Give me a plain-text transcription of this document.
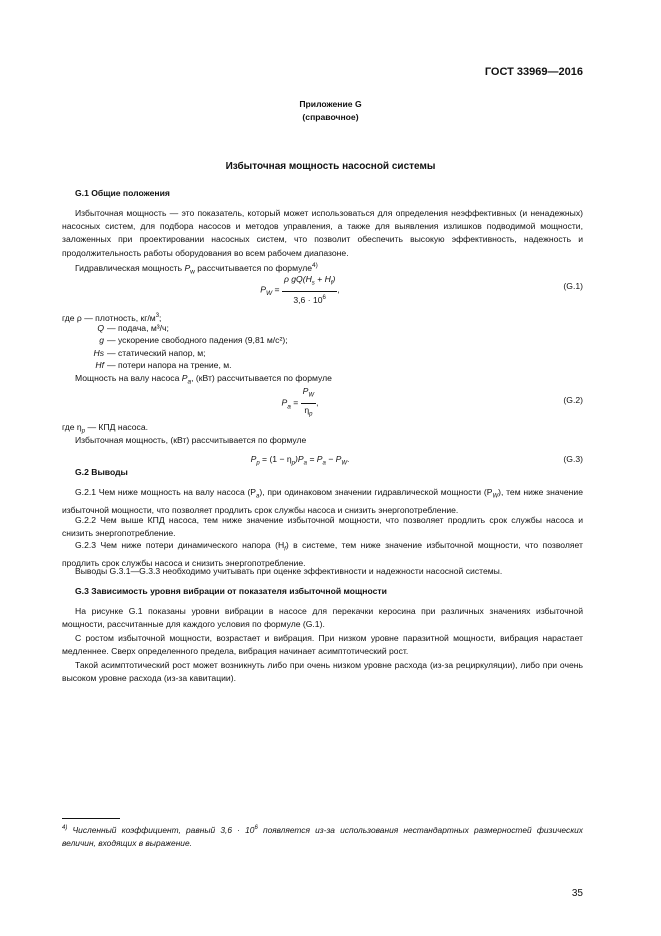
ГОСТ 33969—2016
Приложение G
(справочное)
Избыточная мощность насосной системы
G.1 Общие положения
Избыточная мощность — это показатель, который может использоваться для определения неэффективных (и ненадежных) насосных систем, для подбора насосов и методов управления, а также для выявления излишков подводимой мощности, заложенных при проектировании насосных систем, что позволит обеспечить высокую эффективность, надежность и продолжительность работы оборудования во всем рабочем диапазоне.
Гидравлическая мощность $P_w$ рассчитывается по формуле$^{4)}$
$P_W = \frac{\rho gQ(H_s + H_f)}{3,6 \cdot 10^6}$ ,	(G.1)
где ρ — плотность, $кг/м^3$;
Q — подача, м³/ч;
g — ускорение свободного падения (9,81 м/с²);
Hs — статический напор, м;
Hf — потери напора на трение, м.
Мощность на валу насоса $P_a$, (кВт) рассчитывается по формуле
$P_a = \frac{P_W}{\eta_p}$ ,	(G.2)
где $\eta_p$ — КПД насоса.
Избыточная мощность, (кВт) рассчитывается по формуле
$P_p = (1 - \eta_p)P_a = P_a - P_W$.	(G.3)
G.2 Выводы
G.2.1 Чем ниже мощность на валу насоса $(P_a)$, при одинаковом значении гидравлической мощности $(P_W)$, тем ниже значение избыточной мощности, что позволяет продлить срок службы насоса и снизить энергопотребление.
G.2.2 Чем выше КПД насоса, тем ниже значение избыточной мощности, что позволяет продлить срок службы насоса и снизить энергопотребление.
G.2.3 Чем ниже потери динамического напора $(H_f)$ в системе, тем ниже значение избыточной мощности, что позволяет продлить срок службы насоса и снизить энергопотребление.
Выводы G.3.1—G.3.3 необходимо учитывать при оценке эффективности и надежности насосной системы.
G.3 Зависимость уровня вибрации от показателя избыточной мощности
На рисунке G.1 показаны уровни вибрации в насосе для перекачки керосина при различных значениях избыточной мощности, рассчитанные для каждого условия по формуле (G.1).
С ростом избыточной мощности, возрастает и вибрация. При низком уровне паразитной мощности, вибрация нарастает медленнее. Сверх определенного предела, вибрация начинает асимптотический рост.
Такой асимптотический рост может возникнуть либо при очень низком уровне расхода (из-за рециркуляции), либо при очень высоком уровне расхода (из-за кавитации).
$^{4)}$ Численный коэффициент, равный $3,6 \cdot 10^6$ появляется из-за использования нестандартных размерностей физических величин, входящих в выражение.
35
